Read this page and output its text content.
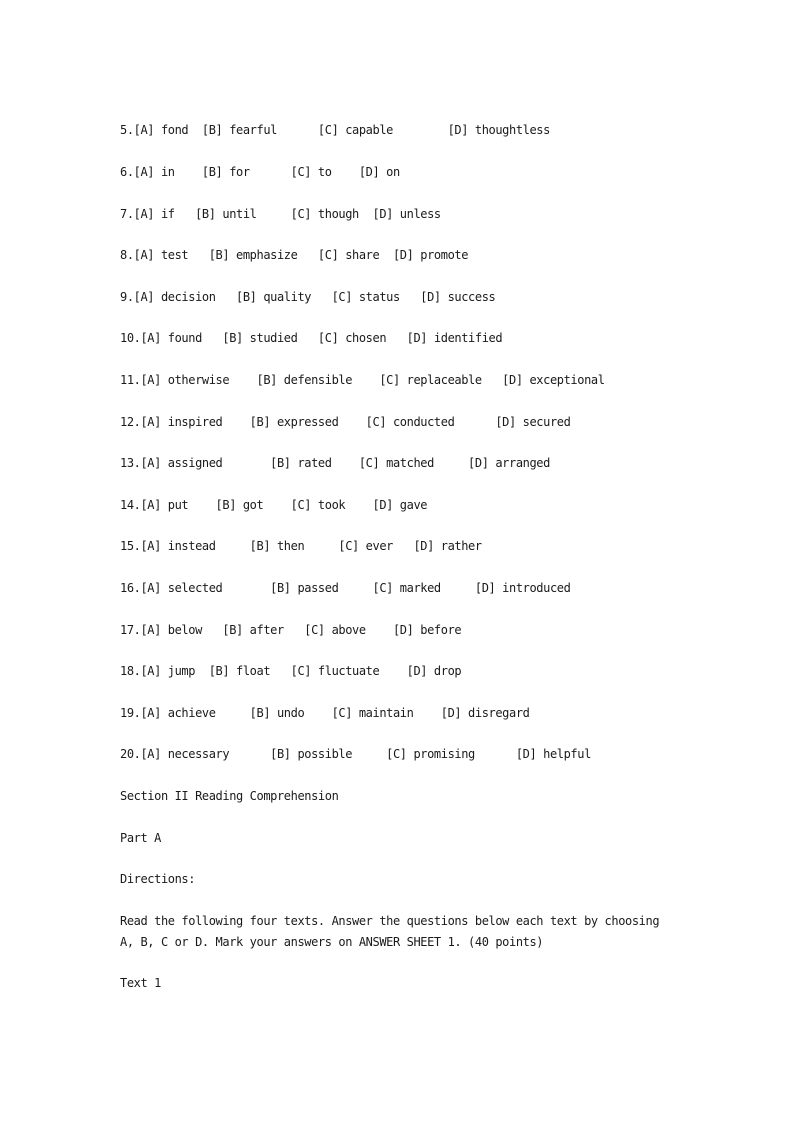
5.[A] fond  [B] fearful      [C] capable        [D] thoughtless
6.[A] in    [B] for      [C] to    [D] on
7.[A] if   [B] until     [C] though  [D] unless
8.[A] test   [B] emphasize   [C] share  [D] promote
9.[A] decision   [B] quality   [C] status   [D] success
10.[A] found   [B] studied   [C] chosen   [D] identified
11.[A] otherwise    [B] defensible    [C] replaceable   [D] exceptional
12.[A] inspired    [B] expressed    [C] conducted      [D] secured
13.[A] assigned       [B] rated    [C] matched     [D] arranged
14.[A] put    [B] got    [C] took    [D] gave
15.[A] instead     [B] then     [C] ever   [D] rather
16.[A] selected       [B] passed     [C] marked     [D] introduced
17.[A] below   [B] after   [C] above    [D] before
18.[A] jump  [B] float   [C] fluctuate    [D] drop
19.[A] achieve     [B] undo    [C] maintain    [D] disregard
20.[A] necessary      [B] possible     [C] promising      [D] helpful
Section II Reading Comprehension
Part A
Directions:
Read the following four texts. Answer the questions below each text by choosing
A, B, C or D. Mark your answers on ANSWER SHEET 1. (40 points)
Text 1
